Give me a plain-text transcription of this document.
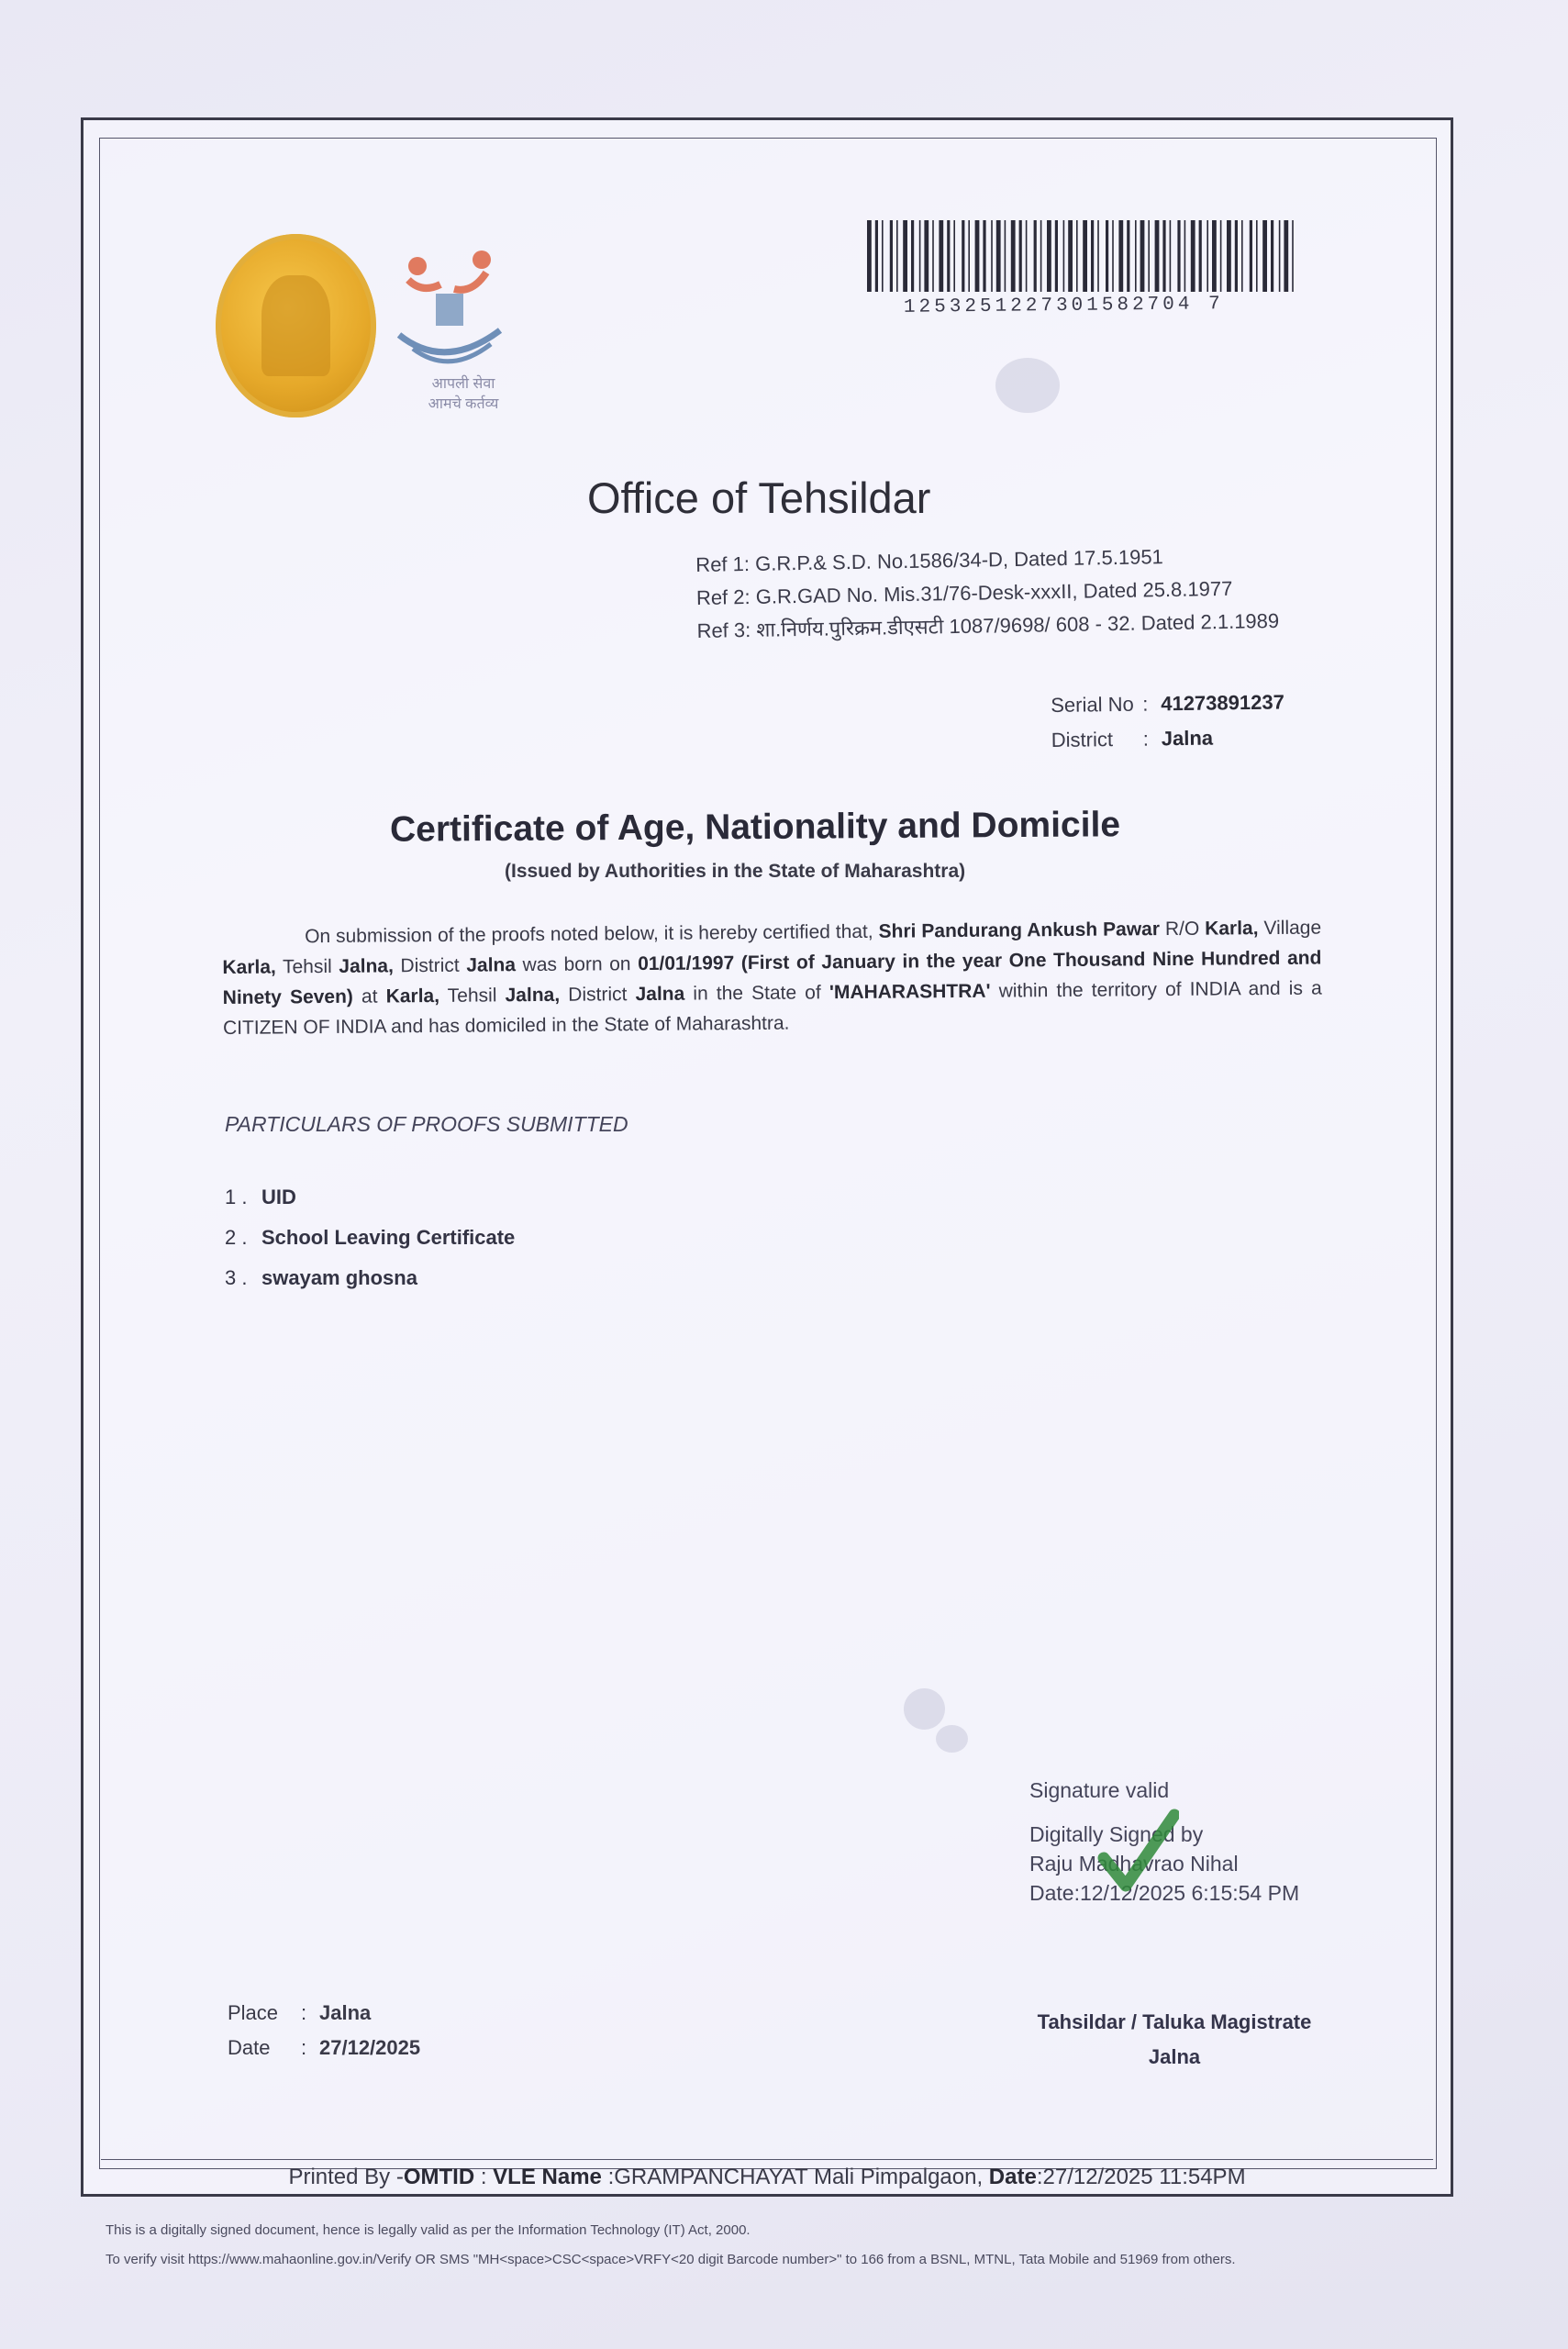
आपली सेवा
आमचे कर्तव्य
1253251227301582704 7
Office of Tehsildar
Ref 1: G.R.P.& S.D. No.1586/34-D, Dated 17.5.1951
Ref 2: G.R.GAD No. Mis.31/76-Desk-xxxII, Dated 25.8.1977
Ref 3: शा.निर्णय.पुरिक्रम.डीएसटी 1087/9698/ 608 - 32. Dated 2.1.1989
Serial No : 41273891237
District : Jalna
Certificate of Age, Nationality and Domicile
(Issued by Authorities in the State of Maharashtra)
On submission of the proofs noted below, it is hereby certified that, Shri Pandurang Ankush Pawar R/O Karla, Village Karla, Tehsil Jalna, District Jalna was born on 01/01/1997 (First of January in the year One Thousand Nine Hundred and Ninety Seven) at Karla, Tehsil Jalna, District Jalna in the State of 'MAHARASHTRA' within the territory of INDIA and is a CITIZEN OF INDIA and has domiciled in the State of Maharashtra.
PARTICULARS OF PROOFS SUBMITTED
1 . UID
2 . School Leaving Certificate
3 . swayam ghosna
Signature valid
Digitally Signed by
Raju Madhavrao Nihal
Date:12/12/2025 6:15:54 PM
Place : Jalna
Date : 27/12/2025
Tahsildar / Taluka Magistrate
Jalna
Printed By -OMTID : VLE Name :GRAMPANCHAYAT Mali Pimpalgaon, Date:27/12/2025 11:54PM
This is a digitally signed document, hence is legally valid as per the Information Technology (IT) Act, 2000.
To verify visit https://www.mahaonline.gov.in/Verify OR SMS "MH<space>CSC<space>VRFY<20 digit Barcode number>" to 166 from a BSNL, MTNL, Tata Mobile and 51969 from others.
